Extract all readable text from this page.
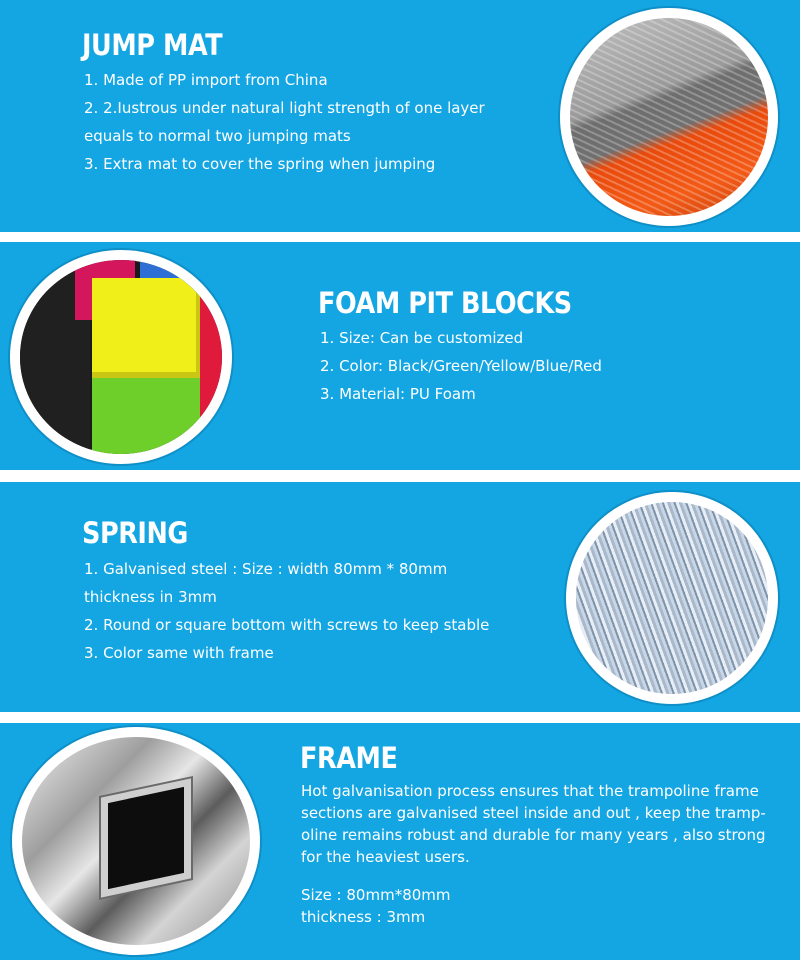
JUMP MAT
1. Made of PP import from China
2. 2.Iustrous under natural light strength of one layer
equals to normal two jumping mats
3. Extra mat to cover the spring when jumping
FOAM PIT BLOCKS
1. Size: Can be customized
2. Color: Black/Green/Yellow/Blue/Red
3. Material: PU Foam
SPRING
1. Galvanised steel : Size : width 80mm * 80mm
thickness in 3mm
2. Round or square bottom with screws to keep stable
3. Color same with frame
FRAME
Hot galvanisation process ensures that the trampoline frame
sections are galvanised steel inside and out , keep the tramp-
oline remains robust and durable for many years , also strong
for the heaviest users.
Size : 80mm*80mm
thickness : 3mm
